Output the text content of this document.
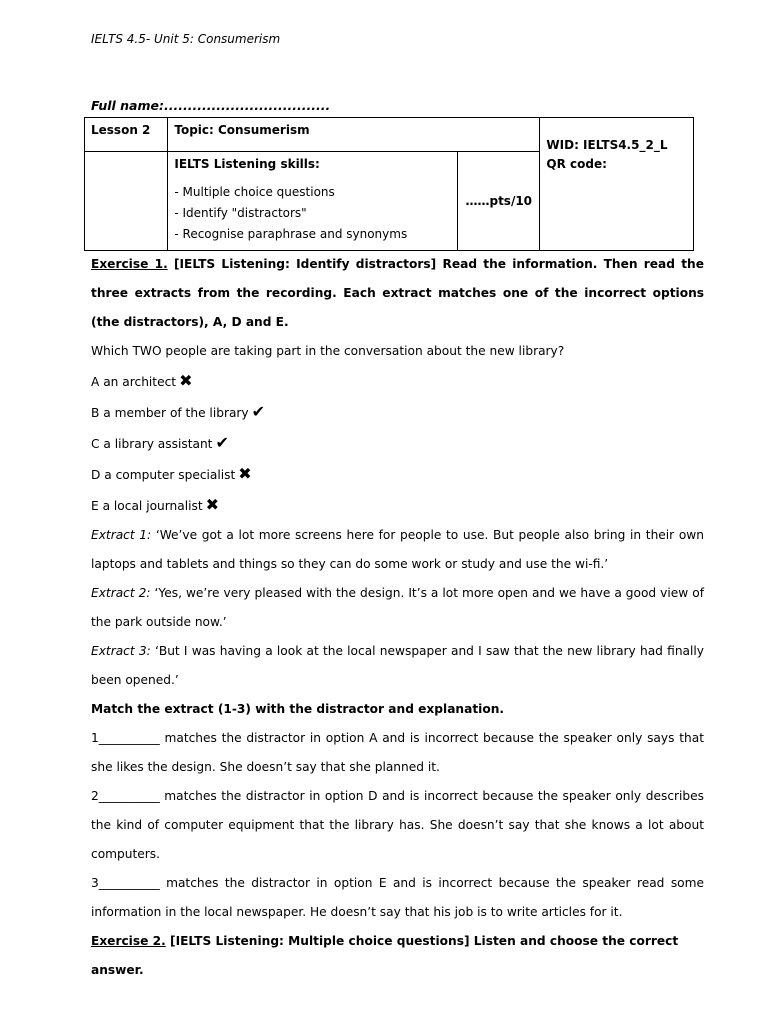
IELTS 4.5- Unit 5: Consumerism
Full name:...................................
Lesson 2	Topic: Consumerism		WID: IELTS4.5_2_L
QR code:

	IELTS Listening skills:
- Multiple choice questions
- Identify "distractors"
- Recognise paraphrase and synonyms	……pts/10	

Exercise 1. [IELTS Listening: Identify distractors] Read the information. Then read the three extracts from the recording. Each extract matches one of the incorrect options (the distractors), A, D and E.

Which TWO people are taking part in the conversation about the new library?

A an architect ✖

B a member of the library ✔

C a library assistant ✔

D a computer specialist ✖

E a local journalist ✖

Extract 1: ‘We’ve got a lot more screens here for people to use. But people also bring in their own laptops and tablets and things so they can do some work or study and use the wi-fi.’

Extract 2: ‘Yes, we’re very pleased with the design. It’s a lot more open and we have a good view of the park outside now.’

Extract 3: ‘But I was having a look at the local newspaper and I saw that the new library had finally been opened.’

Match the extract (1-3) with the distractor and explanation.

1__________ matches the distractor in option A and is incorrect because the speaker only says that she likes the design. She doesn’t say that she planned it.

2__________ matches the distractor in option D and is incorrect because the speaker only describes the kind of computer equipment that the library has. She doesn’t say that she knows a lot about computers.

3__________ matches the distractor in option E and is incorrect because the speaker read some information in the local newspaper. He doesn’t say that his job is to write articles for it.

Exercise 2. [IELTS Listening: Multiple choice questions] Listen and choose the correct answer.
